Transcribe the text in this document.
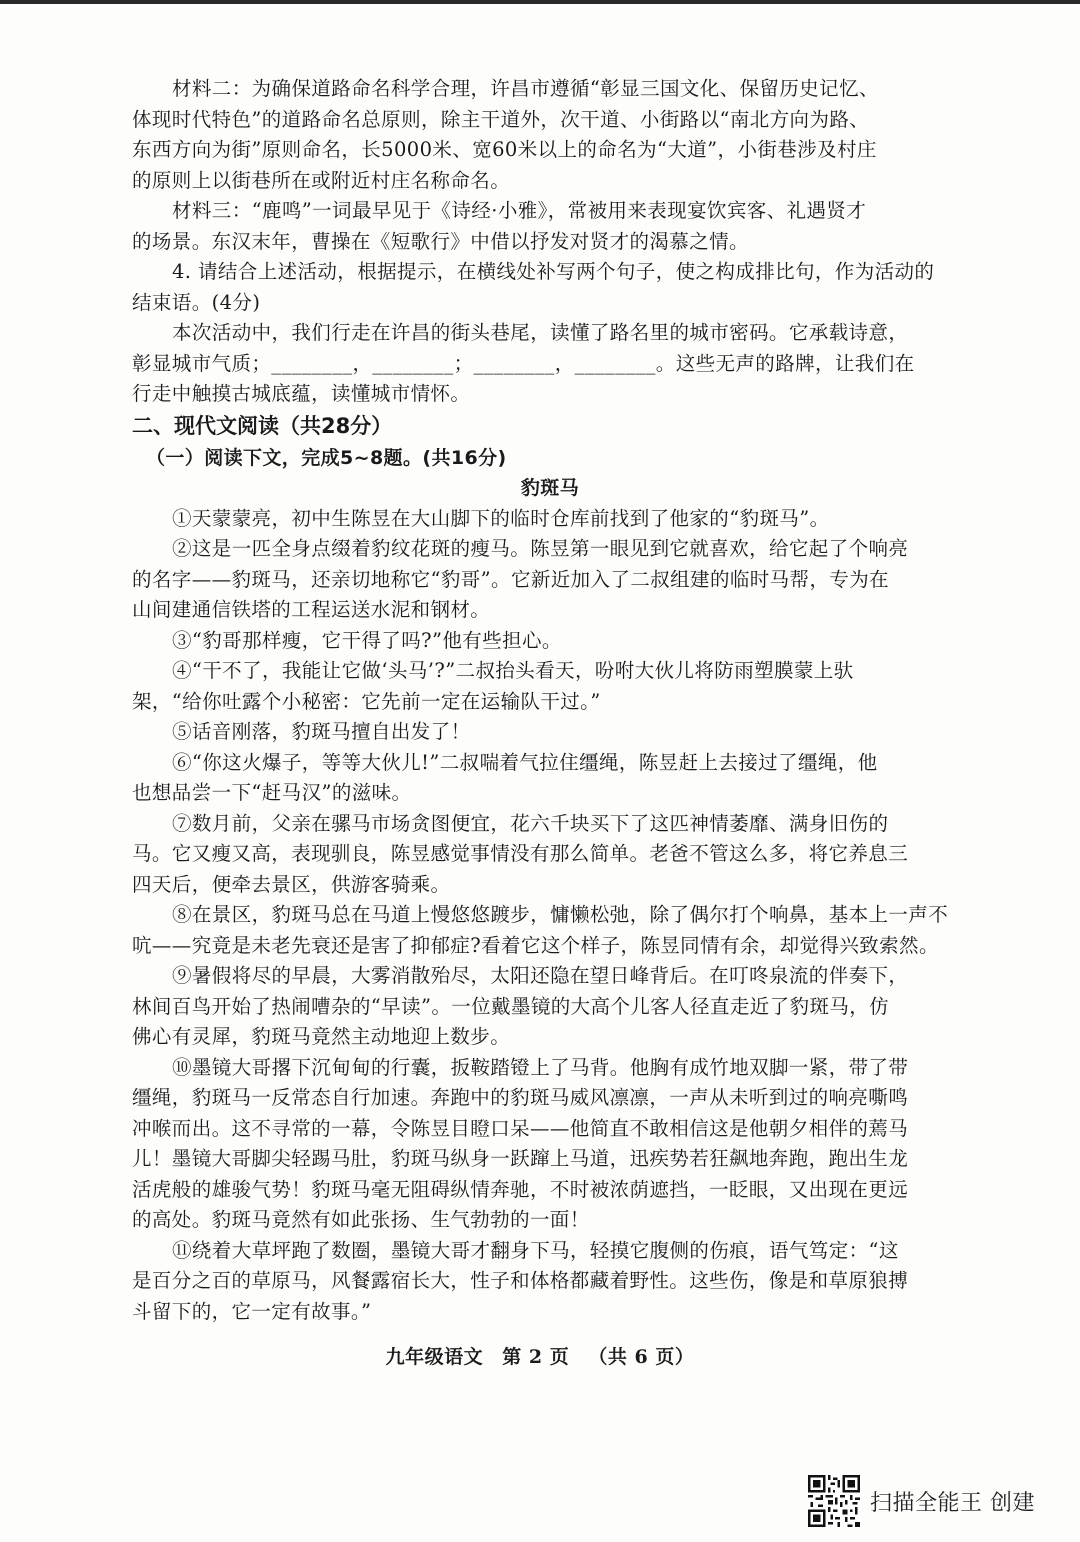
材料二：为确保道路命名科学合理，许昌市遵循“彰显三国文化、保留历史记忆、
体现时代特色”的道路命名总原则，除主干道外，次干道、小街路以“南北方向为路、
东西方向为街”原则命名，长5000米、宽60米以上的命名为“大道”，小街巷涉及村庄
的原则上以街巷所在或附近村庄名称命名。
材料三：“鹿鸣”一词最早见于《诗经·小雅》，常被用来表现宴饮宾客、礼遇贤才
的场景。东汉末年，曹操在《短歌行》中借以抒发对贤才的渴慕之情。
4. 请结合上述活动，根据提示，在横线处补写两个句子，使之构成排比句，作为活动的
结束语。(4分)
本次活动中，我们行走在许昌的街头巷尾，读懂了路名里的城市密码。它承载诗意，
彰显城市气质；________，________；________，________。这些无声的路牌，让我们在
行走中触摸古城底蕴，读懂城市情怀。
二、现代文阅读（共28分）
（一）阅读下文，完成5~8题。(共16分)
豹斑马
①天蒙蒙亮，初中生陈昱在大山脚下的临时仓库前找到了他家的“豹斑马”。
②这是一匹全身点缀着豹纹花斑的瘦马。陈昱第一眼见到它就喜欢，给它起了个响亮
的名字——豹斑马，还亲切地称它“豹哥”。它新近加入了二叔组建的临时马帮，专为在
山间建通信铁塔的工程运送水泥和钢材。
③“豹哥那样瘦，它干得了吗?”他有些担心。
④“干不了，我能让它做‘头马’?”二叔抬头看天，吩咐大伙儿将防雨塑膜蒙上驮
架，“给你吐露个小秘密：它先前一定在运输队干过。”
⑤话音刚落，豹斑马擅自出发了！
⑥“你这火爆子，等等大伙儿!”二叔喘着气拉住缰绳，陈昱赶上去接过了缰绳，他
也想品尝一下“赶马汉”的滋味。
⑦数月前，父亲在骡马市场贪图便宜，花六千块买下了这匹神情萎靡、满身旧伤的
马。它又瘦又高，表现驯良，陈昱感觉事情没有那么简单。老爸不管这么多，将它养息三
四天后，便牵去景区，供游客骑乘。
⑧在景区，豹斑马总在马道上慢悠悠踱步，慵懒松弛，除了偶尔打个响鼻，基本上一声不
吭——究竟是未老先衰还是害了抑郁症?看着它这个样子，陈昱同情有余，却觉得兴致索然。
⑨暑假将尽的早晨，大雾消散殆尽，太阳还隐在望日峰背后。在叮咚泉流的伴奏下，
林间百鸟开始了热闹嘈杂的“早读”。一位戴墨镜的大高个儿客人径直走近了豹斑马，仿
佛心有灵犀，豹斑马竟然主动地迎上数步。
⑩墨镜大哥撂下沉甸甸的行囊，扳鞍踏镫上了马背。他胸有成竹地双脚一紧，带了带
缰绳，豹斑马一反常态自行加速。奔跑中的豹斑马威风凛凛，一声从未听到过的响亮嘶鸣
冲喉而出。这不寻常的一幕，令陈昱目瞪口呆——他简直不敢相信这是他朝夕相伴的蔫马
儿！墨镜大哥脚尖轻踢马肚，豹斑马纵身一跃蹿上马道，迅疾势若狂飙地奔跑，跑出生龙
活虎般的雄骏气势！豹斑马毫无阻碍纵情奔驰，不时被浓荫遮挡，一眨眼，又出现在更远
的高处。豹斑马竟然有如此张扬、生气勃勃的一面！
⑪绕着大草坪跑了数圈，墨镜大哥才翻身下马，轻摸它腹侧的伤痕，语气笃定：“这
是百分之百的草原马，风餐露宿长大，性子和体格都藏着野性。这些伤，像是和草原狼搏
斗留下的，它一定有故事。”
九年级语文 第 2 页 （共 6 页）
扫描全能王 创建
